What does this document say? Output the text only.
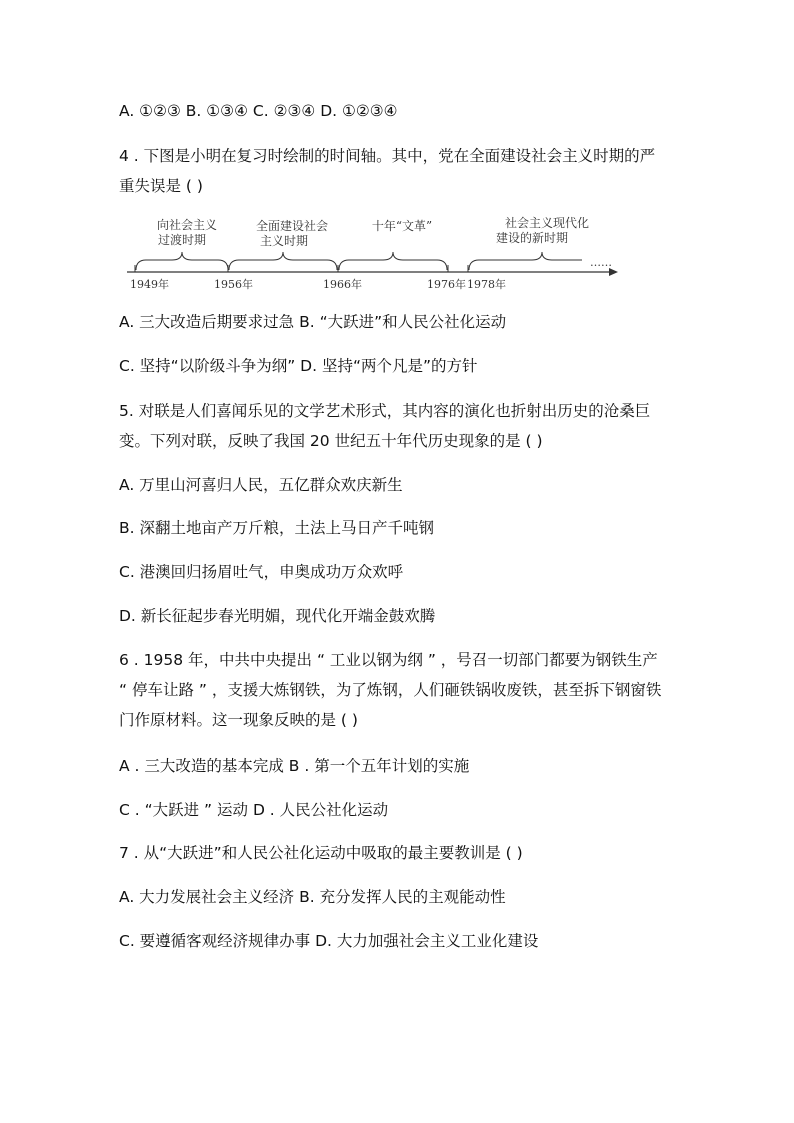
A. ①②③ B. ①③④ C. ②③④ D. ①②③④
4 . 下图是小明在复习时绘制的时间轴。其中，党在全面建设社会主义时期的严
重失误是 ( )
向社会主义
过渡时期
全面建设社会
主义时期
十年“文革”	社会主义现代化
建设的新时期
1949年	1956年	1966年	1976年 1978年
……
A. 三大改造后期要求过急 B. “大跃进”和人民公社化运动
C. 坚持“以阶级斗争为纲” D. 坚持“两个凡是”的方针
5. 对联是人们喜闻乐见的文学艺术形式，其内容的演化也折射出历史的沧桑巨
变。下列对联，反映了我国 20 世纪五十年代历史现象的是 ( )
A. 万里山河喜归人民，五亿群众欢庆新生
B. 深翻土地亩产万斤粮，土法上马日产千吨钢
C. 港澳回归扬眉吐气，申奥成功万众欢呼
D. 新长征起步春光明媚，现代化开端金鼓欢腾
6 . 1958 年，中共中央提出 “ 工业以钢为纲 ” ，号召一切部门都要为钢铁生产
“ 停车让路 ” ，支援大炼钢铁，为了炼钢，人们砸铁锅收废铁，甚至拆下钢窗铁
门作原材料。这一现象反映的是 ( )
A . 三大改造的基本完成 B . 第一个五年计划的实施
C . “大跃进 ” 运动 D . 人民公社化运动
7 . 从“大跃进”和人民公社化运动中吸取的最主要教训是 ( )
A. 大力发展社会主义经济 B. 充分发挥人民的主观能动性
C. 要遵循客观经济规律办事 D. 大力加强社会主义工业化建设
